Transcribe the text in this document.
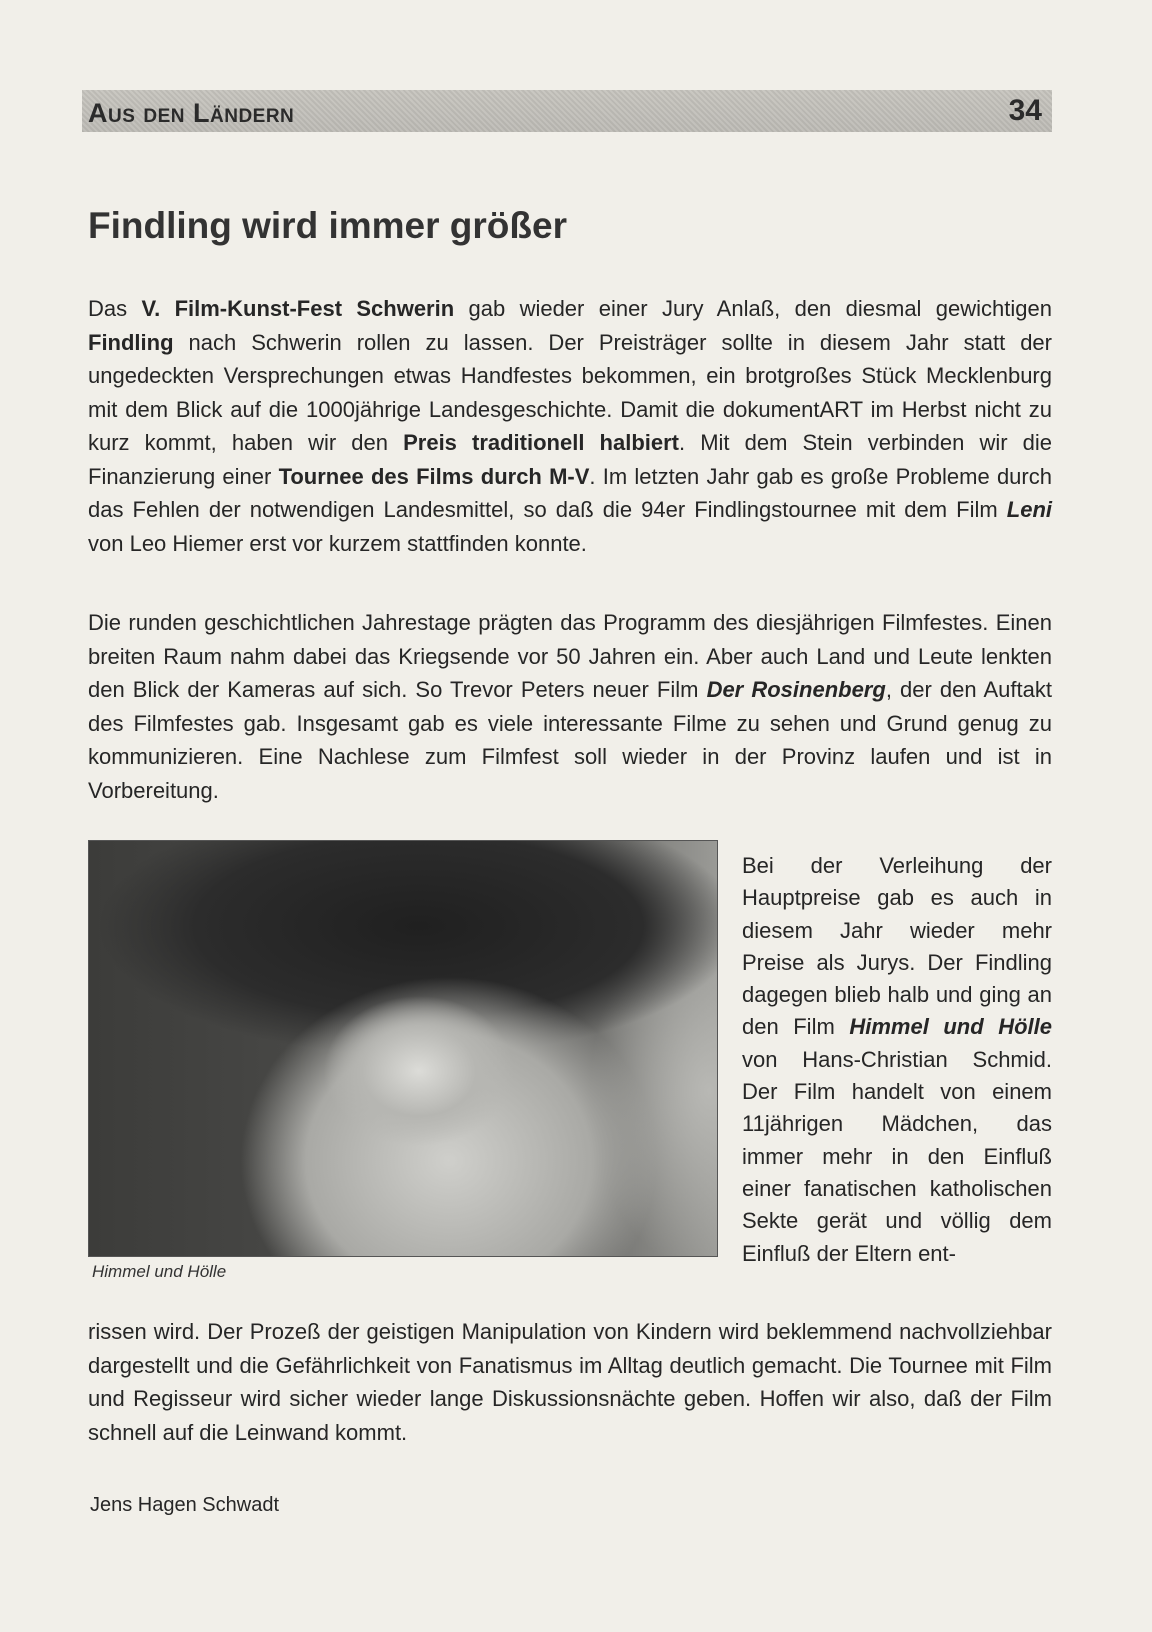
Aus den Ländern	34
Findling wird immer größer

Das V. Film-Kunst-Fest Schwerin gab wieder einer Jury Anlaß, den diesmal gewichtigen Findling nach Schwerin rollen zu lassen. Der Preisträger sollte in diesem Jahr statt der ungedeckten Versprechungen etwas Handfestes bekommen, ein brotgroßes Stück Mecklenburg mit dem Blick auf die 1000jährige Landesgeschichte. Damit die dokumentART im Herbst nicht zu kurz kommt, haben wir den Preis traditionell halbiert. Mit dem Stein verbinden wir die Finanzierung einer Tournee des Films durch M-V. Im letzten Jahr gab es große Probleme durch das Fehlen der notwendigen Landesmittel, so daß die 94er Findlingstournee mit dem Film Leni von Leo Hiemer erst vor kurzem stattfinden konnte.

Die runden geschichtlichen Jahrestage prägten das Programm des diesjährigen Filmfestes. Einen breiten Raum nahm dabei das Kriegsende vor 50 Jahren ein. Aber auch Land und Leute lenkten den Blick der Kameras auf sich. So Trevor Peters neuer Film Der Rosinenberg, der den Auftakt des Filmfestes gab. Insgesamt gab es viele interessante Filme zu sehen und Grund genug zu kommunizieren. Eine Nachlese zum Filmfest soll wieder in der Provinz laufen und ist in Vorbereitung.

Himmel und Hölle

Bei der Verleihung der Hauptpreise gab es auch in diesem Jahr wieder mehr Preise als Jurys. Der Findling dagegen blieb halb und ging an den Film Himmel und Hölle von Hans-Christian Schmid. Der Film handelt von einem 11jährigen Mädchen, das immer mehr in den Einfluß einer fanatischen katholischen Sekte gerät und völlig dem Einfluß der Eltern ent-

rissen wird. Der Prozeß der geistigen Manipulation von Kindern wird beklemmend nachvollziehbar dargestellt und die Gefährlichkeit von Fanatismus im Alltag deutlich gemacht. Die Tournee mit Film und Regisseur wird sicher wieder lange Diskussionsnächte geben. Hoffen wir also, daß der Film schnell auf die Leinwand kommt.

Jens Hagen Schwadt
